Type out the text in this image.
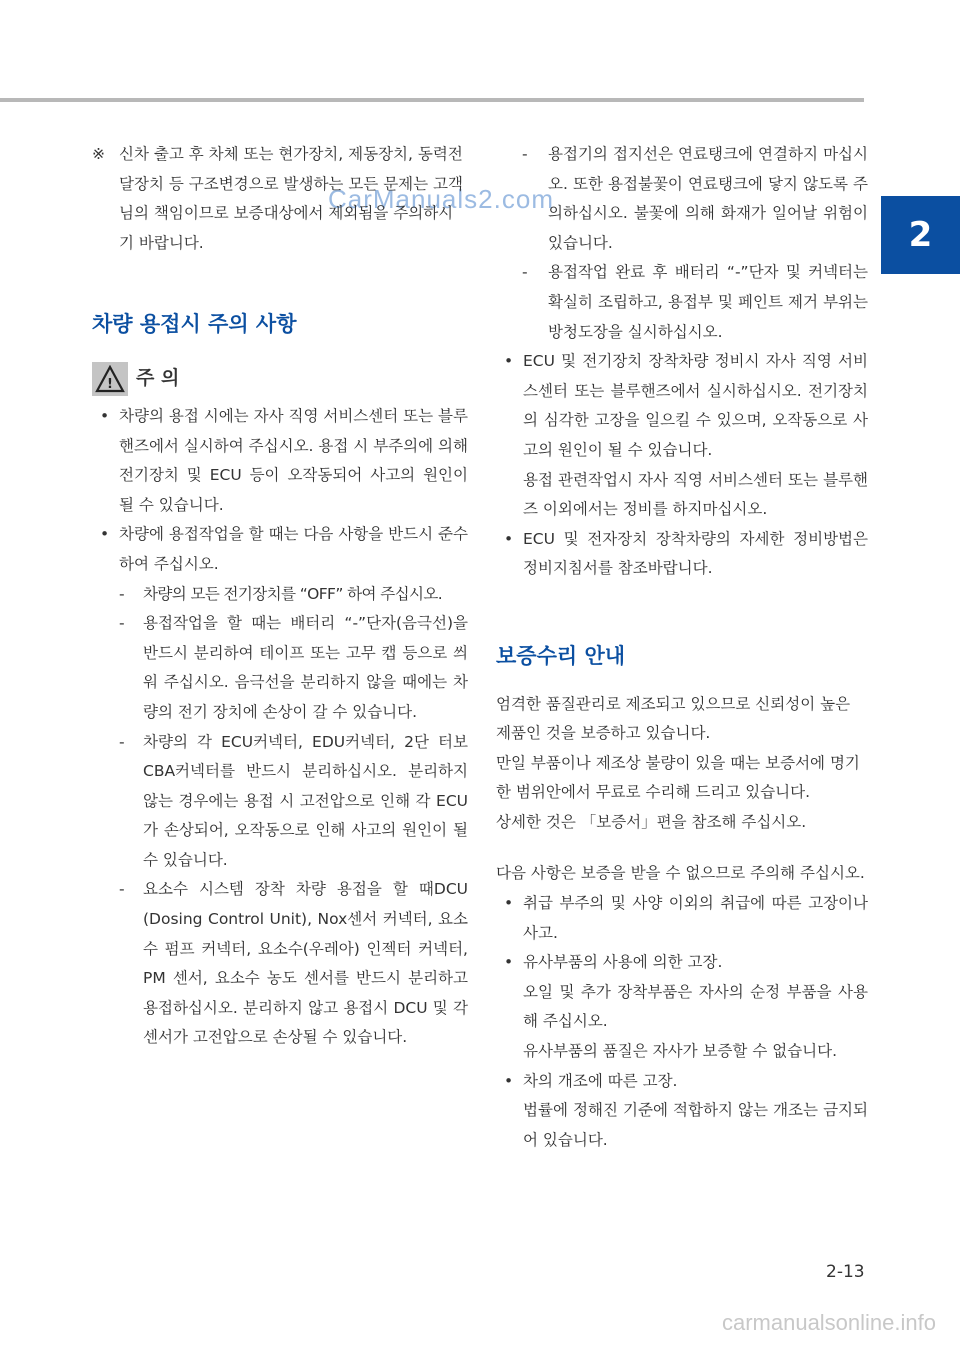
2
CarManuals2.com

※ 신차 출고 후 차체 또는 현가장치, 제동장치, 동력전달장치 등 구조변경으로 발생하는 모든 문제는 고객님의 책임이므로 보증대상에서 제외됨을 주의하시기 바랍니다.

차량 용접시 주의 사항
! 주 의

• 차량의 용접 시에는 자사 직영 서비스센터 또는 블루핸즈에서 실시하여 주십시오. 용접 시 부주의에 의해 전기장치 및 ECU 등이 오작동되어 사고의 원인이 될 수 있습니다.

• 차량에 용접작업을 할 때는 다음 사항을 반드시 준수하여 주십시오.

- 차량의 모든 전기장치를 “OFF” 하여 주십시오.

- 용접작업을 할 때는 배터리 “-”단자(음극선)을 반드시 분리하여 테이프 또는 고무 캡 등으로 씌워 주십시오. 음극선을 분리하지 않을 때에는 차량의 전기 장치에 손상이 갈 수 있습니다.

- 차량의 각 ECU커넥터, EDU커넥터, 2단 터보 CBA커넥터를 반드시 분리하십시오. 분리하지 않는 경우에는 용접 시 고전압으로 인해 각 ECU가 손상되어, 오작동으로 인해 사고의 원인이 될 수 있습니다.

- 요소수 시스템 장착 차량 용접을 할 때DCU (Dosing Control Unit), Nox센서 커넥터, 요소수 펌프 커넥터, 요소수(우레아) 인젝터 커넥터, PM 센서, 요소수 농도 센서를 반드시 분리하고 용접하십시오. 분리하지 않고 용접시 DCU 및 각 센서가 고전압으로 손상될 수 있습니다.

- 용접기의 접지선은 연료탱크에 연결하지 마십시오. 또한 용접불꽃이 연료탱크에 닿지 않도록 주의하십시오. 불꽃에 의해 화재가 일어날 위험이 있습니다.

- 용접작업 완료 후 배터리 “-”단자 및 커넥터는 확실히 조립하고, 용접부 및 페인트 제거 부위는 방청도장을 실시하십시오.

• ECU 및 전기장치 장착차량 정비시 자사 직영 서비스센터 또는 블루핸즈에서 실시하십시오. 전기장치의 심각한 고장을 일으킬 수 있으며, 오작동으로 사고의 원인이 될 수 있습니다.
용접 관련작업시 자사 직영 서비스센터 또는 블루핸즈 이외에서는 정비를 하지마십시오.

• ECU 및 전자장치 장착차량의 자세한 정비방법은 정비지침서를 참조바랍니다.

보증수리 안내

엄격한 품질관리로 제조되고 있으므로 신뢰성이 높은 제품인 것을 보증하고 있습니다.

만일 부품이나 제조상 불량이 있을 때는 보증서에 명기한 범위안에서 무료로 수리해 드리고 있습니다.

상세한 것은 「보증서」편을 참조해 주십시오.

다음 사항은 보증을 받을 수 없으므로 주의해 주십시오.

• 취급 부주의 및 사양 이외의 취급에 따른 고장이나 사고.

• 유사부품의 사용에 의한 고장.
오일 및 추가 장착부품은 자사의 순정 부품을 사용해 주십시오.
유사부품의 품질은 자사가 보증할 수 없습니다.

• 차의 개조에 따른 고장.
법률에 정해진 기준에 적합하지 않는 개조는 금지되어 있습니다.

2-13
carmanualsonline.info
